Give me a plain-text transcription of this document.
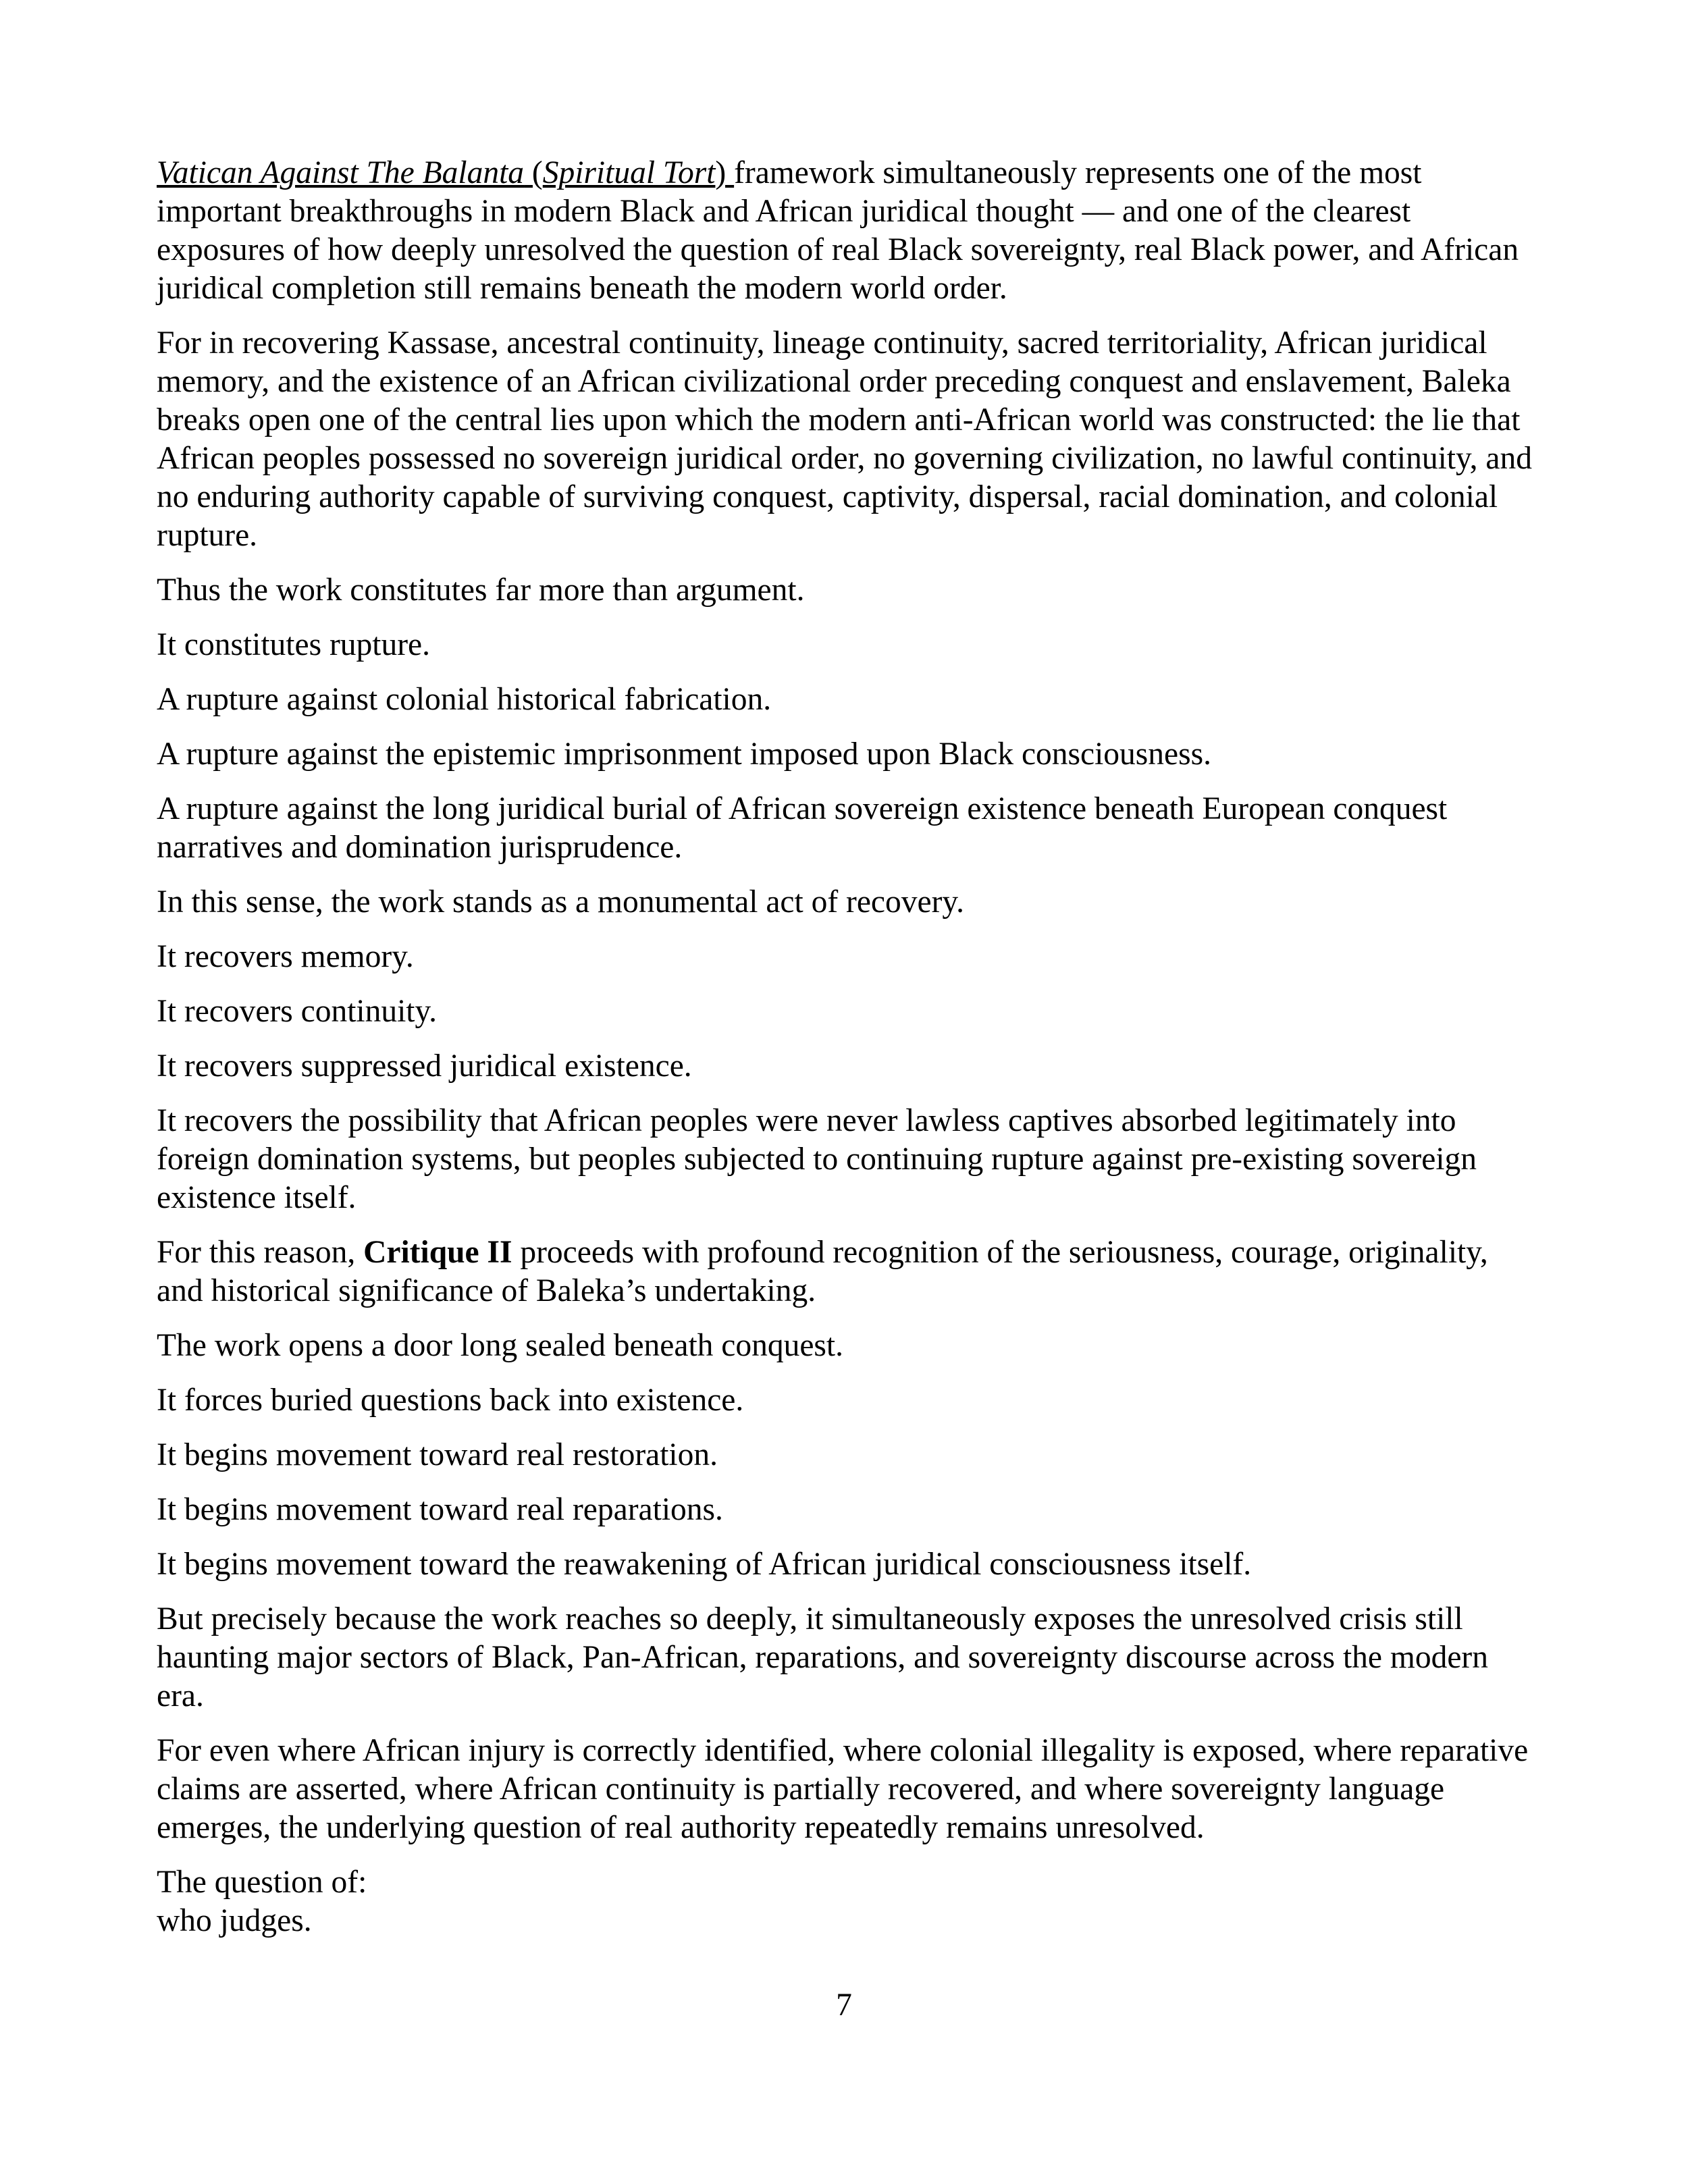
Vatican Against The Balanta (Spiritual Tort) framework simultaneously represents one of the most important breakthroughs in modern Black and African juridical thought — and one of the clearest exposures of how deeply unresolved the question of real Black sovereignty, real Black power, and African juridical completion still remains beneath the modern world order.

For in recovering Kassase, ancestral continuity, lineage continuity, sacred territoriality, African juridical memory, and the existence of an African civilizational order preceding conquest and enslavement, Baleka breaks open one of the central lies upon which the modern anti-African world was constructed: the lie that African peoples possessed no sovereign juridical order, no governing civilization, no lawful continuity, and no enduring authority capable of surviving conquest, captivity, dispersal, racial domination, and colonial rupture.

Thus the work constitutes far more than argument.

It constitutes rupture.

A rupture against colonial historical fabrication.

A rupture against the epistemic imprisonment imposed upon Black consciousness.

A rupture against the long juridical burial of African sovereign existence beneath European conquest narratives and domination jurisprudence.

In this sense, the work stands as a monumental act of recovery.

It recovers memory.

It recovers continuity.

It recovers suppressed juridical existence.

It recovers the possibility that African peoples were never lawless captives absorbed legitimately into foreign domination systems, but peoples subjected to continuing rupture against pre-existing sovereign existence itself.

For this reason, Critique II proceeds with profound recognition of the seriousness, courage, originality, and historical significance of Baleka’s undertaking.

The work opens a door long sealed beneath conquest.

It forces buried questions back into existence.

It begins movement toward real restoration.

It begins movement toward real reparations.

It begins movement toward the reawakening of African juridical consciousness itself.

But precisely because the work reaches so deeply, it simultaneously exposes the unresolved crisis still haunting major sectors of Black, Pan-African, reparations, and sovereignty discourse across the modern era.

For even where African injury is correctly identified, where colonial illegality is exposed, where reparative claims are asserted, where African continuity is partially recovered, and where sovereignty language emerges, the underlying question of real authority repeatedly remains unresolved.

The question of:

who judges.

7
